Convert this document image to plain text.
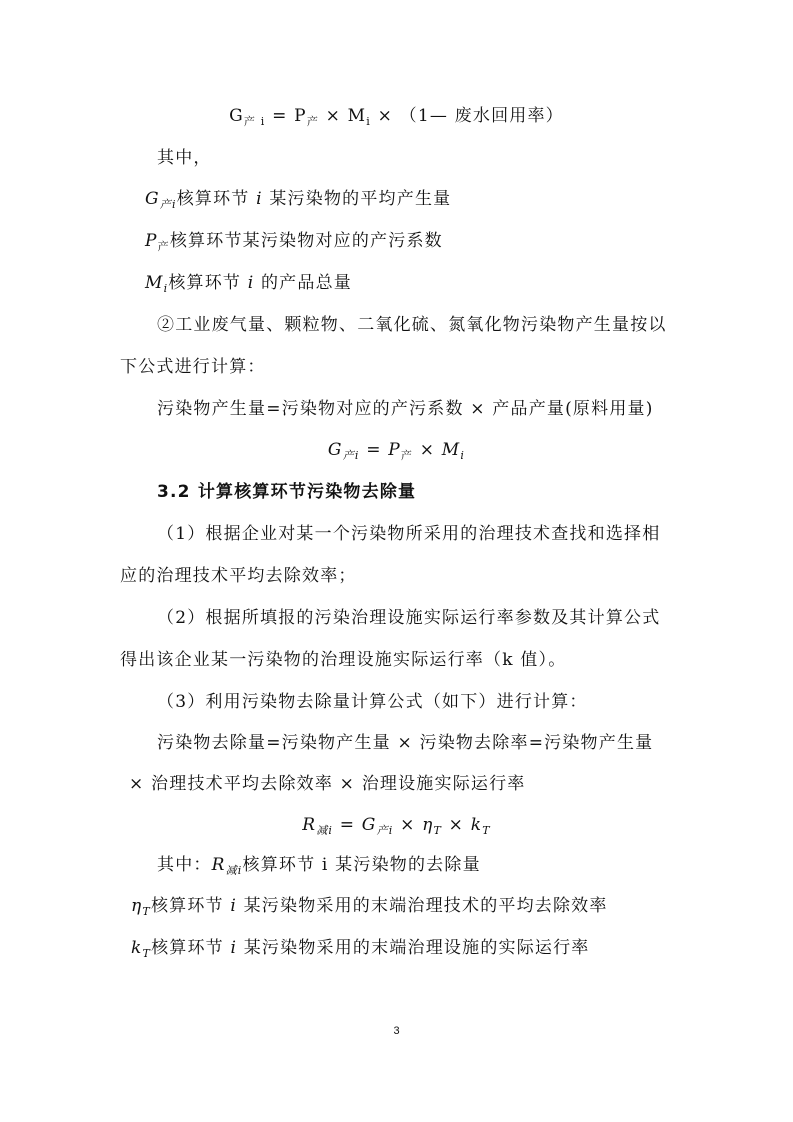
$G_{产 i} = P_产 \times M_i$ × （1— 废水回用率）
其中，
$G_{产i}$核算环节 i 某污染物的平均产生量
$P_产$核算环节某污染物对应的产污系数
$M_i$核算环节 i 的产品总量
②工业废气量、颗粒物、二氧化硫、氮氧化物污染物产生量按以
下公式进行计算：
污染物产生量=污染物对应的产污系数 × 产品产量(原料用量)
$G_{产i} = P_产 \times M_i$
3.2 计算核算环节污染物去除量
（1）根据企业对某一个污染物所采用的治理技术查找和选择相
应的治理技术平均去除效率；
（2）根据所填报的污染治理设施实际运行率参数及其计算公式
得出该企业某一污染物的治理设施实际运行率（k 值）。
（3）利用污染物去除量计算公式（如下）进行计算：
污染物去除量=污染物产生量 × 污染物去除率=污染物产生量
× 治理技术平均去除效率 × 治理设施实际运行率
$R_{减i} = G_{产i} \times \eta_T \times k_T$
其中：$R_{减i}$核算环节 i 某污染物的去除量
$\eta_T$核算环节 i 某污染物采用的末端治理技术的平均去除效率
$k_T$核算环节 i 某污染物采用的末端治理设施的实际运行率
3
